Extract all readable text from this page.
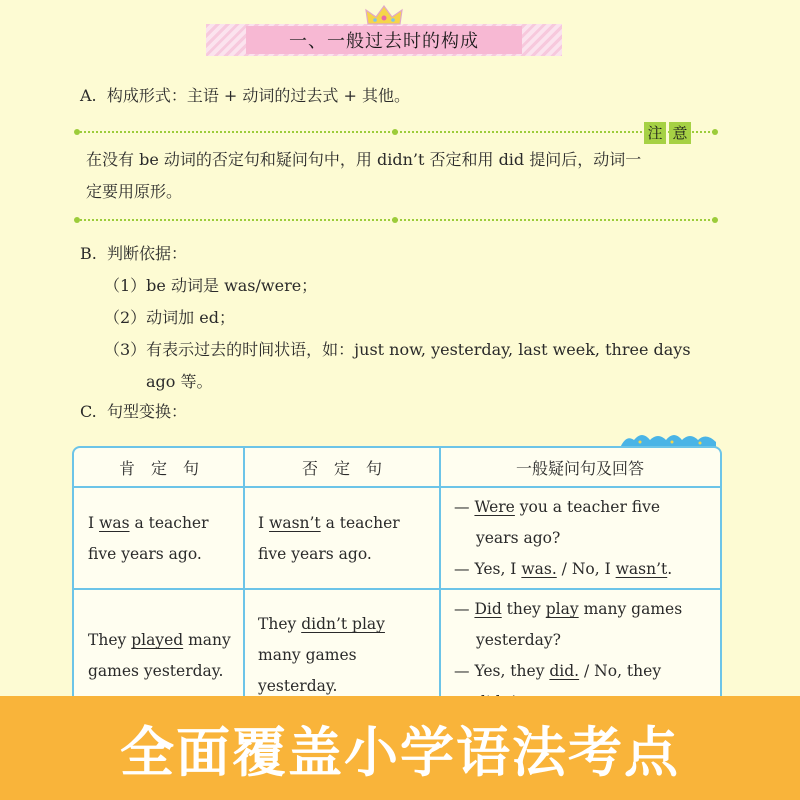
一、一般过去时的构成
A. 构成形式：主语 + 动词的过去式 + 其他。
注 意
在没有 be 动词的否定句和疑问句中，用 didn’t 否定和用 did 提问后，动词一
定要用原形。
B. 判断依据：
（1）be 动词是 was/were；
（2）动词加 ed；
（3）有表示过去的时间状语，如：just now, yesterday, last week, three days
ago 等。
C. 句型变换：
肯　定　句	否　定　句	一般疑问句及回答
I was a teacher
five years ago.
I wasn’t a teacher
five years ago.
— Were you a teacher five
years ago?
— Yes, I was. / No, I wasn’t.
They played many
games yesterday.
They didn’t play
many games
yesterday.
— Did they play many games
yesterday?
— Yes, they did. / No, they

全面覆盖小学语法考点
